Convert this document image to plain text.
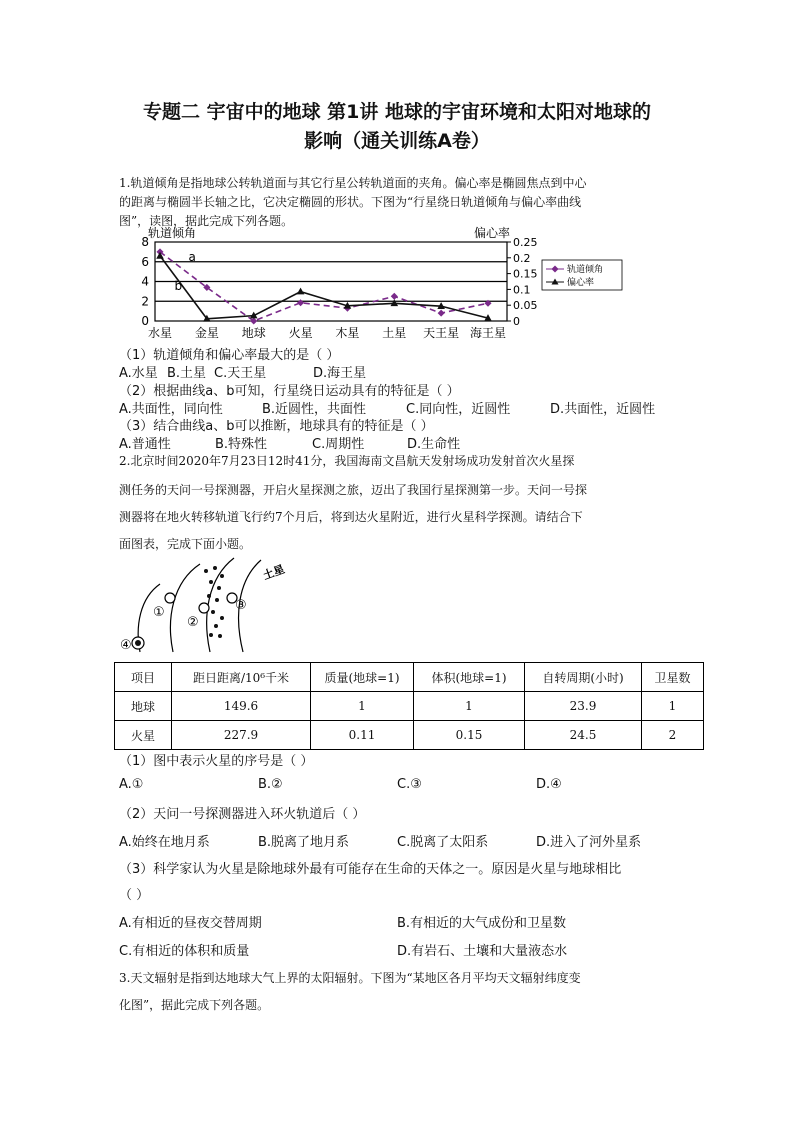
专题二 宇宙中的地球 第1讲 地球的宇宙环境和太阳对地球的
影响（通关训练A卷）
1.轨道倾角是指地球公转轨道面与其它行星公转轨道面的夹角。偏心率是椭圆焦点到中心
的距离与椭圆半长轴之比，它决定椭圆的形状。下图为“行星绕日轨道倾角与偏心率曲线
图”，读图，据此完成下列各题。
轨道倾角	偏心率
0
2
4
6
8
0
0.05
0.1
0.15
0.2
0.25
水星 金星 地球 火星 木星 土星 天王星 海王星
a
b
轨道倾角
偏心率
（1）轨道倾角和偏心率最大的是（ ）
A.水星 B.土星 C.天王星	D.海王星
（2）根据曲线a、b可知，行星绕日运动具有的特征是（ ）
A.共面性，同向性	B.近圆性，共面性	C.同向性，近圆性	D.共面性，近圆性
（3）结合曲线a、b可以推断，地球具有的特征是（ ）
A.普通性	B.特殊性	C.周期性	D.生命性
2.北京时间2020年7月23日12时41分，我国海南文昌航天发射场成功发射首次火星探
测任务的天问一号探测器，开启火星探测之旅，迈出了我国行星探测第一步。天问一号探
测器将在地火转移轨道飞行约7个月后，将到达火星附近，进行火星科学探测。请结合下
面图表，完成下面小题。
①
②
③
④
土星
项目	距日距离/10⁶千米	质量(地球=1)	体积(地球=1)	自转周期(小时)	卫星数
地球	149.6	1	1	23.9	1
火星	227.9	0.11	0.15	24.5	2
（1）图中表示火星的序号是（ ）
A.①	B.②	C.③	D.④
（2）天问一号探测器进入环火轨道后（ ）
A.始终在地月系	B.脱离了地月系	C.脱离了太阳系	D.进入了河外星系
（3）科学家认为火星是除地球外最有可能存在生命的天体之一。原因是火星与地球相比
（ ）
A.有相近的昼夜交替周期	B.有相近的大气成份和卫星数
C.有相近的体积和质量	D.有岩石、土壤和大量液态水
3.天文辐射是指到达地球大气上界的太阳辐射。下图为“某地区各月平均天文辐射纬度变
化图”，据此完成下列各题。
